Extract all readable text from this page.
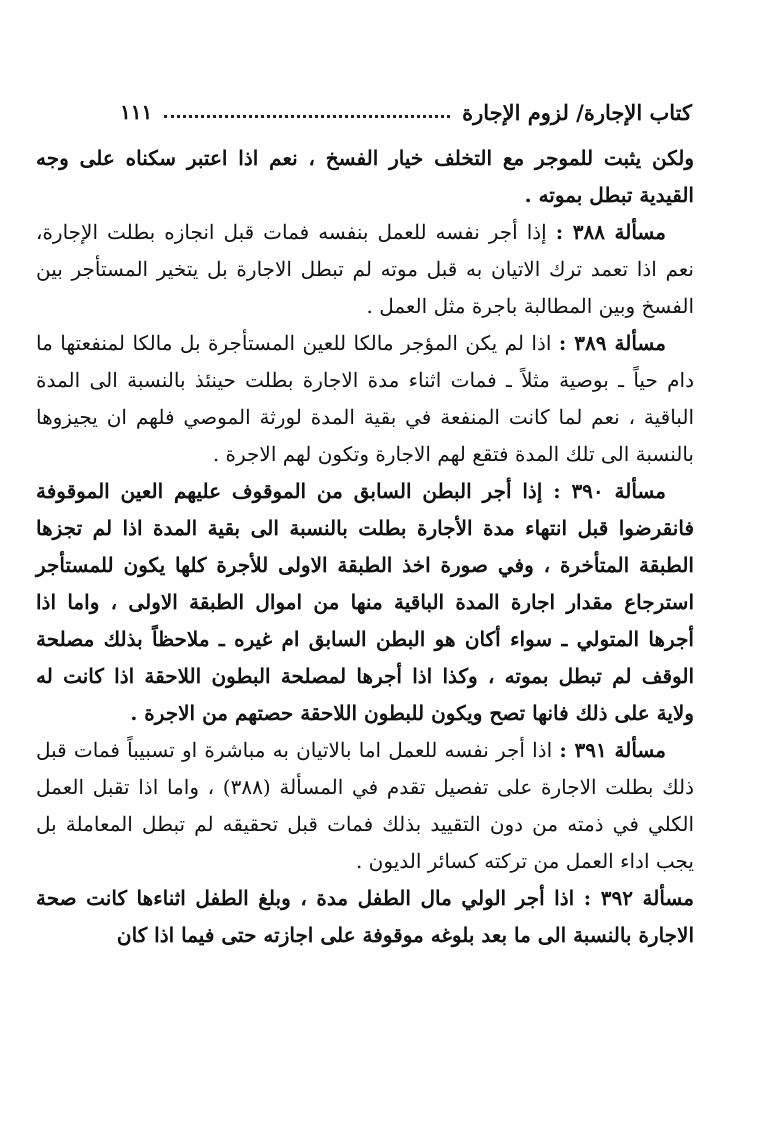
كتاب الإجارة/ لزوم الإجارة
١١١

ولكن يثبت للموجر مع التخلف خيار الفسخ ، نعم اذا اعتبر سكناه على وجه القيدية تبطل بموته .

مسألة ٣٨٨ : إذا أجر نفسه للعمل بنفسه فمات قبل انجازه بطلت الإجارة، نعم اذا تعمد ترك الاتيان به قبل موته لم تبطل الاجارة بل يتخير المستأجر بين الفسخ وبين المطالبة باجرة مثل العمل .

مسألة ٣٨٩ : اذا لم يكن المؤجر مالكا للعين المستأجرة بل مالكا لمنفعتها ما دام حياً ـ بوصية مثلاً ـ فمات اثناء مدة الاجارة بطلت حينئذ بالنسبة الى المدة الباقية ، نعم لما كانت المنفعة في بقية المدة لورثة الموصي فلهم ان يجيزوها بالنسبة الى تلك المدة فتقع لهم الاجارة وتكون لهم الاجرة .

مسألة ٣٩٠ : إذا أجر البطن السابق من الموقوف عليهم العين الموقوفة فانقرضوا قبل انتهاء مدة الأجارة بطلت بالنسبة الى بقية المدة اذا لم تجزها الطبقة المتأخرة ، وفي صورة اخذ الطبقة الاولى للأجرة كلها يكون للمستأجر استرجاع مقدار اجارة المدة الباقية منها من اموال الطبقة الاولى ، واما اذا أجرها المتولي ـ سواء أكان هو البطن السابق ام غيره ـ ملاحظاً بذلك مصلحة الوقف لم تبطل بموته ، وكذا اذا أجرها لمصلحة البطون اللاحقة اذا كانت له ولاية على ذلك فانها تصح ويكون للبطون اللاحقة حصتهم من الاجرة .

مسألة ٣٩١ : اذا أجر نفسه للعمل اما بالاتيان به مباشرة او تسبيباً فمات قبل ذلك بطلت الاجارة على تفصيل تقدم في المسألة (٣٨٨) ، واما اذا تقبل العمل الكلي في ذمته من دون التقييد بذلك فمات قبل تحقيقه لم تبطل المعاملة بل يجب اداء العمل من تركته كسائر الديون .

مسألة ٣٩٢ : اذا أجر الولي مال الطفل مدة ، وبلغ الطفل اثناءها كانت صحة الاجارة بالنسبة الى ما بعد بلوغه موقوفة على اجازته حتى فيما اذا كان
